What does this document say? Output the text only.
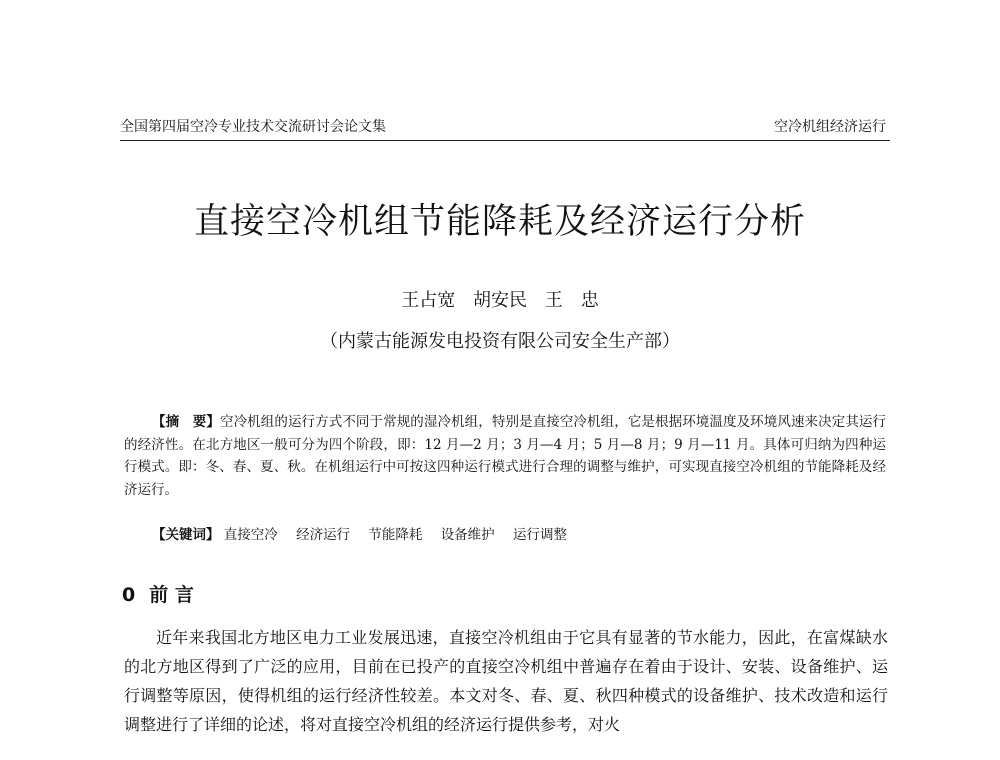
全国第四届空冷专业技术交流研讨会论文集	空冷机组经济运行
直接空冷机组节能降耗及经济运行分析
王占宽 胡安民 王　忠
（内蒙古能源发电投资有限公司安全生产部）

【摘　要】空冷机组的运行方式不同于常规的湿冷机组，特别是直接空冷机组，它是根据环境温度及环境风速来决定其运行的经济性。在北方地区一般可分为四个阶段，即：12 月—2 月；3 月—4 月；5 月—8 月；9 月—11 月。具体可归纳为四种运行模式。即：冬、春、夏、秋。在机组运行中可按这四种运行模式进行合理的调整与维护，可实现直接空冷机组的节能降耗及经济运行。

【关键词】 直接空冷 经济运行 节能降耗 设备维护 运行调整
0 前 言

近年来我国北方地区电力工业发展迅速，直接空冷机组由于它具有显著的节水能力，因此，在富煤缺水的北方地区得到了广泛的应用，目前在已投产的直接空冷机组中普遍存在着由于设计、安装、设备维护、运行调整等原因，使得机组的运行经济性较差。本文对冬、春、夏、秋四种模式的设备维护、技术改造和运行调整进行了详细的论述，将对直接空冷机组的经济运行提供参考，对火
